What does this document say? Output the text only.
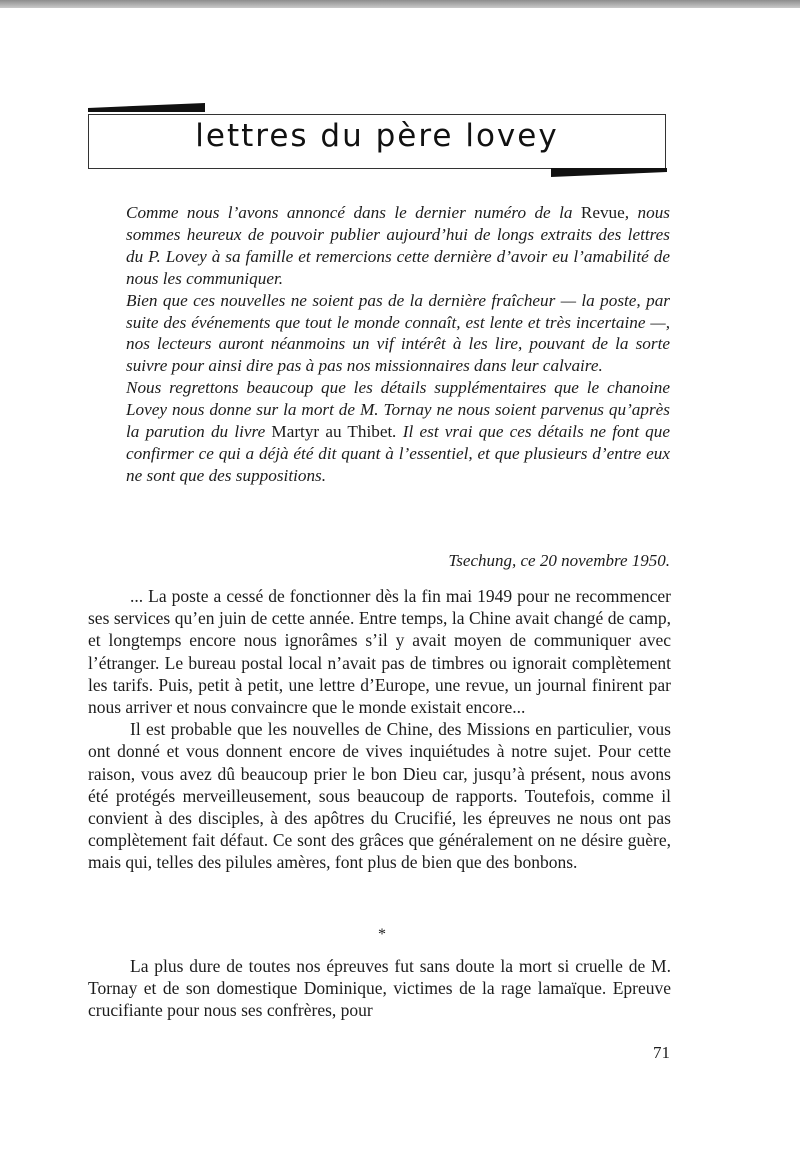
lettres du père lovey

Comme nous l’avons annoncé dans le dernier numéro de la Revue, nous sommes heureux de pouvoir publier aujourd’hui de longs extraits des lettres du P. Lovey à sa famille et remercions cette dernière d’avoir eu l’amabilité de nous les communiquer.

Bien que ces nouvelles ne soient pas de la dernière fraîcheur — la poste, par suite des événements que tout le monde connaît, est lente et très incertaine —, nos lecteurs auront néanmoins un vif intérêt à les lire, pouvant de la sorte suivre pour ainsi dire pas à pas nos missionnaires dans leur calvaire.

Nous regrettons beaucoup que les détails supplémentaires que le chanoine Lovey nous donne sur la mort de M. Tornay ne nous soient parvenus qu’après la parution du livre Martyr au Thibet. Il est vrai que ces détails ne font que confirmer ce qui a déjà été dit quant à l’essentiel, et que plusieurs d’entre eux ne sont que des suppositions.

Tsechung, ce 20 novembre 1950.

... La poste a cessé de fonctionner dès la fin mai 1949 pour ne recommencer ses services qu’en juin de cette année. Entre temps, la Chine avait changé de camp, et longtemps encore nous ignorâmes s’il y avait moyen de communiquer avec l’étranger. Le bureau postal local n’avait pas de timbres ou ignorait complètement les tarifs. Puis, petit à petit, une lettre d’Europe, une revue, un journal finirent par nous arriver et nous convaincre que le monde existait encore...

Il est probable que les nouvelles de Chine, des Missions en particulier, vous ont donné et vous donnent encore de vives inquiétudes à notre sujet. Pour cette raison, vous avez dû beaucoup prier le bon Dieu car, jusqu’à présent, nous avons été protégés merveilleusement, sous beaucoup de rapports. Toutefois, comme il convient à des disciples, à des apôtres du Crucifié, les épreuves ne nous ont pas complètement fait défaut. Ce sont des grâces que généralement on ne désire guère, mais qui, telles des pilules amères, font plus de bien que des bonbons.

*

La plus dure de toutes nos épreuves fut sans doute la mort si cruelle de M. Tornay et de son domestique Dominique, victimes de la rage lamaïque. Epreuve crucifiante pour nous ses confrères, pour

71
